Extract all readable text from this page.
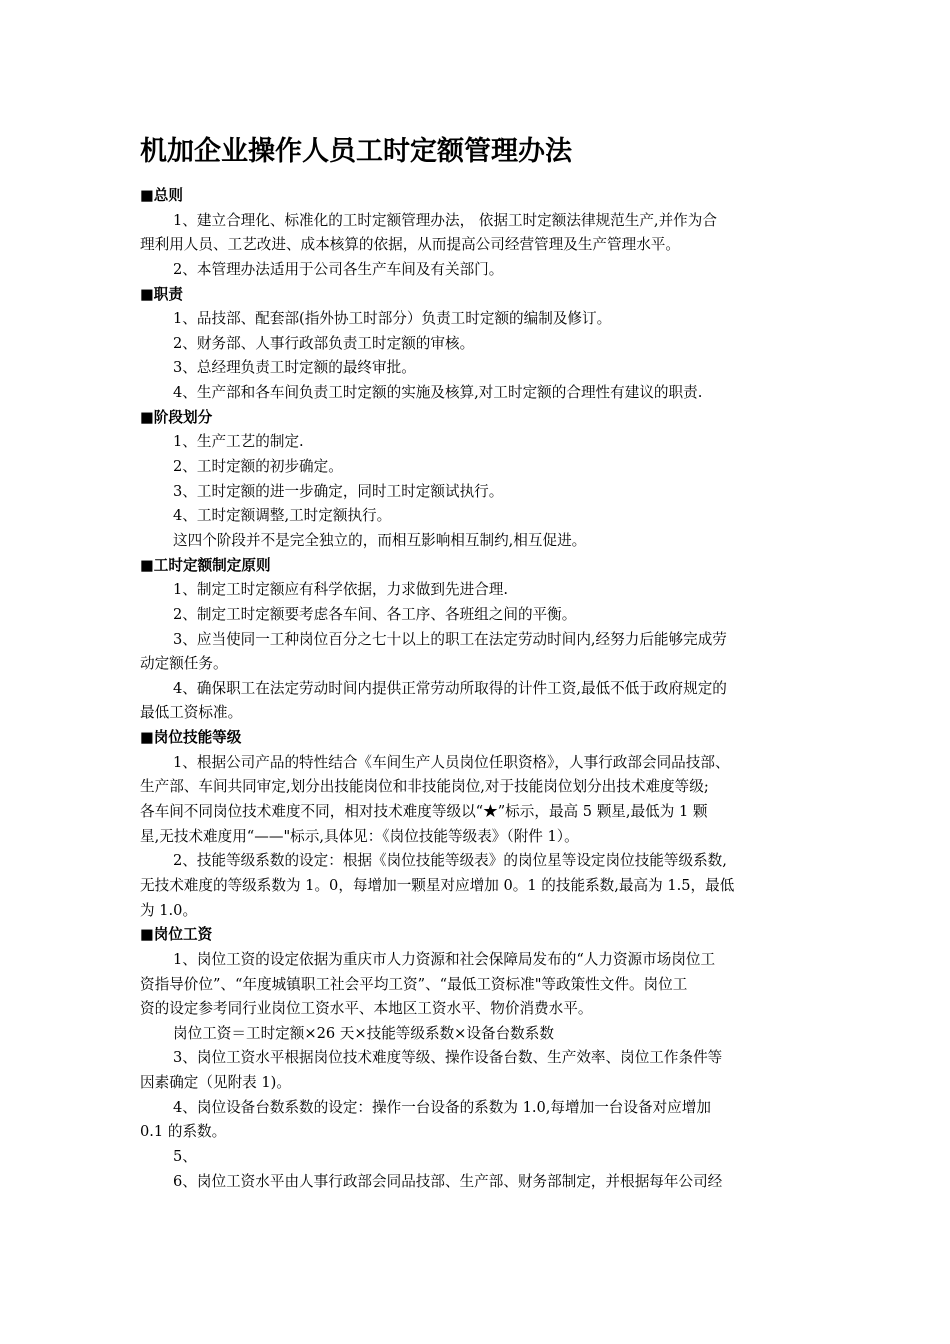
机加企业操作人员工时定额管理办法
■总则
1、建立合理化、标准化的工时定额管理办法， 依据工时定额法律规范生产,并作为合
理利用人员、工艺改进、成本核算的依据，从而提高公司经营管理及生产管理水平。
2、本管理办法适用于公司各生产车间及有关部门。
■职责
1、品技部、配套部(指外协工时部分）负责工时定额的编制及修订。
2、财务部、人事行政部负责工时定额的审核。
3、总经理负责工时定额的最终审批。
4、生产部和各车间负责工时定额的实施及核算,对工时定额的合理性有建议的职责.
■阶段划分
1、生产工艺的制定.
2、工时定额的初步确定。
3、工时定额的进一步确定，同时工时定额试执行。
4、工时定额调整,工时定额执行。
这四个阶段并不是完全独立的，而相互影响相互制约,相互促进。
■工时定额制定原则
1、制定工时定额应有科学依据，力求做到先进合理.
2、制定工时定额要考虑各车间、各工序、各班组之间的平衡。
3、应当使同一工种岗位百分之七十以上的职工在法定劳动时间内,经努力后能够完成劳
动定额任务。
4、确保职工在法定劳动时间内提供正常劳动所取得的计件工资,最低不低于政府规定的
最低工资标准。
■岗位技能等级
1、根据公司产品的特性结合《车间生产人员岗位任职资格》，人事行政部会同品技部、
生产部、车间共同审定,划分出技能岗位和非技能岗位,对于技能岗位划分出技术难度等级;
各车间不同岗位技术难度不同，相对技术难度等级以“★”标示，最高 5 颗星,最低为 1 颗
星,无技术难度用“——"标示,具体见：《岗位技能等级表》（附件 1）。
2、技能等级系数的设定：根据《岗位技能等级表》的岗位星等设定岗位技能等级系数,
无技术难度的等级系数为 1。0，每增加一颗星对应增加 0。1 的技能系数,最高为 1.5，最低
为 1.0。
■岗位工资
1、岗位工资的设定依据为重庆市人力资源和社会保障局发布的“人力资源市场岗位工
资指导价位”、“年度城镇职工社会平均工资”、“最低工资标准"等政策性文件。岗位工
资的设定参考同行业岗位工资水平、本地区工资水平、物价消费水平。
岗位工资＝工时定额×26 天×技能等级系数×设备台数系数
3、岗位工资水平根据岗位技术难度等级、操作设备台数、生产效率、岗位工作条件等
因素确定（见附表 1)。
4、岗位设备台数系数的设定：操作一台设备的系数为 1.0,每增加一台设备对应增加
0.1 的系数。
5、
6、岗位工资水平由人事行政部会同品技部、生产部、财务部制定，并根据每年公司经
